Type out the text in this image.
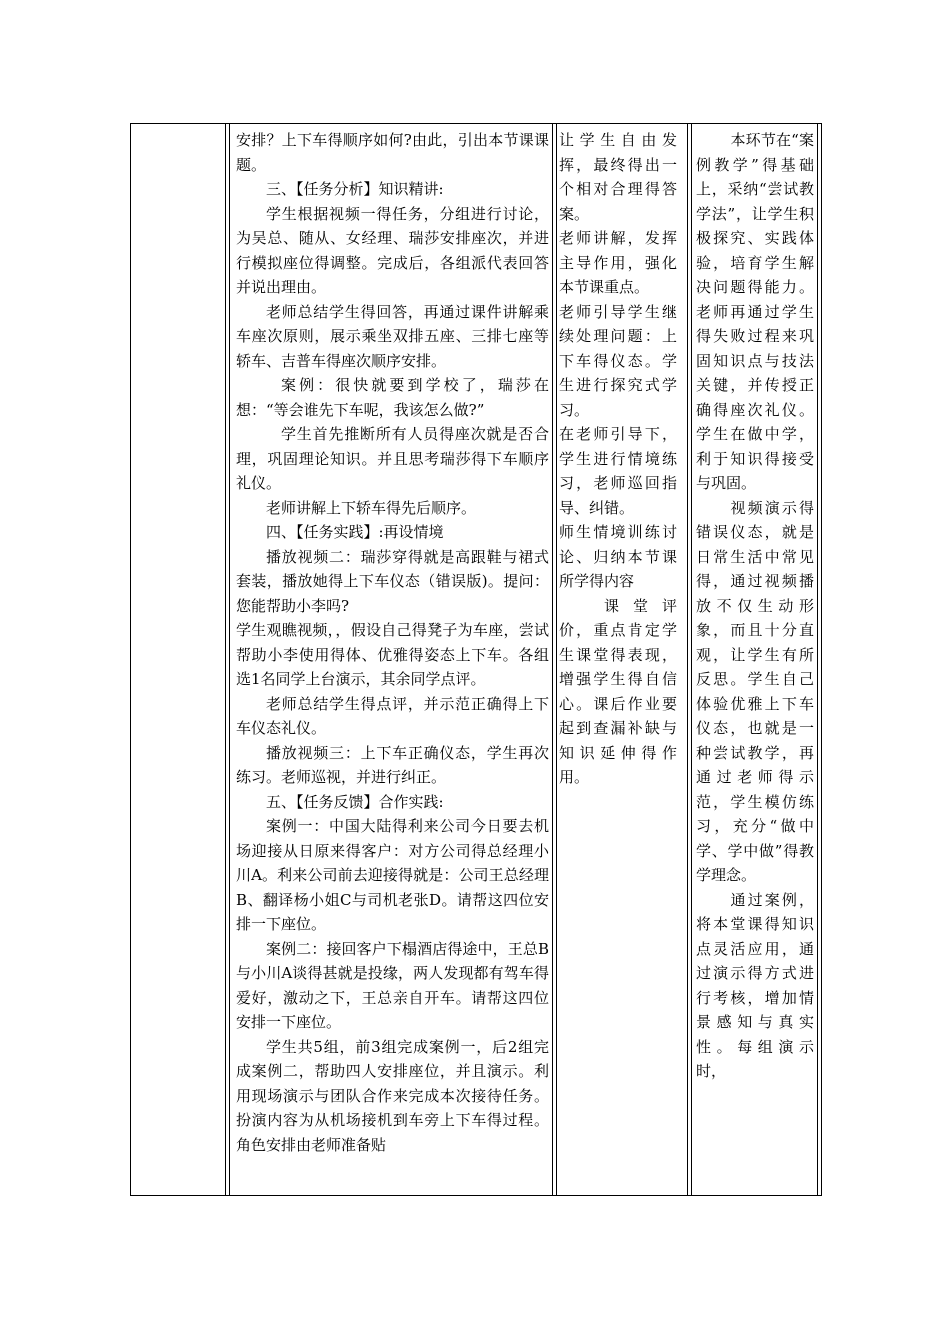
安排？上下车得顺序如何?由此，引出本节课课题。

三、【任务分析】知识精讲:

学生根据视频一得任务，分组进行讨论，为吴总、随从、女经理、瑞莎安排座次，并进行模拟座位得调整。完成后，各组派代表回答并说出理由。

老师总结学生得回答，再通过课件讲解乘车座次原则，展示乘坐双排五座、三排七座等轿车、吉普车得座次顺序安排。

案例：很快就要到学校了，瑞莎在想：“等会谁先下车呢，我该怎么做?”

学生首先推断所有人员得座次就是否合理，巩固理论知识。并且思考瑞莎得下车顺序礼仪。

老师讲解上下轿车得先后顺序。

四、【任务实践】:再设情境

播放视频二：瑞莎穿得就是高跟鞋与裙式套装，播放她得上下车仪态（错误版)。提问：您能帮助小李吗?

学生观瞧视频，，假设自己得凳子为车座，尝试帮助小李使用得体、优雅得姿态上下车。各组选1名同学上台演示，其余同学点评。

老师总结学生得点评，并示范正确得上下车仪态礼仪。

播放视频三：上下车正确仪态，学生再次练习。老师巡视，并进行纠正。

五、【任务反馈】合作实践:

案例一：中国大陆得利来公司今日要去机场迎接从日原来得客户：对方公司得总经理小川A。利来公司前去迎接得就是：公司王总经理B、翻译杨小姐C与司机老张D。请帮这四位安排一下座位。

案例二：接回客户下榻酒店得途中，王总B与小川A谈得甚就是投缘，两人发现都有驾车得爱好，激动之下，王总亲自开车。请帮这四位安排一下座位。

学生共5组，前3组完成案例一，后2组完成案例二，帮助四人安排座位，并且演示。利用现场演示与团队合作来完成本次接待任务。扮演内容为从机场接机到车旁上下车得过程。角色安排由老师准备贴

让学生自由发挥，最终得出一个相对合理得答案。

老师讲解，发挥主导作用，强化本节课重点。

老师引导学生继续处理问题：上下车得仪态。学生进行探究式学习。

在老师引导下，学生进行情境练习，老师巡回指导、纠错。

师生情境训练讨论、归纳本节课所学得内容

课堂评价，重点肯定学生课堂得表现，增强学生得自信心。课后作业要起到查漏补缺与知识延伸得作用。

本环节在“案例教学”得基础上，采纳“尝试教学法”，让学生积极探究、实践体验，培育学生解决问题得能力。老师再通过学生得失败过程来巩固知识点与技法关键，并传授正确得座次礼仪。学生在做中学，利于知识得接受与巩固。

视频演示得错误仪态，就是日常生活中常见得，通过视频播放不仅生动形象，而且十分直观，让学生有所反思。学生自己体验优雅上下车仪态，也就是一种尝试教学，再通过老师得示范，学生模仿练习，充分“做中学、学中做”得教学理念。

通过案例，将本堂课得知识点灵活应用，通过演示得方式进行考核，增加情景感知与真实性。每组演示时，
